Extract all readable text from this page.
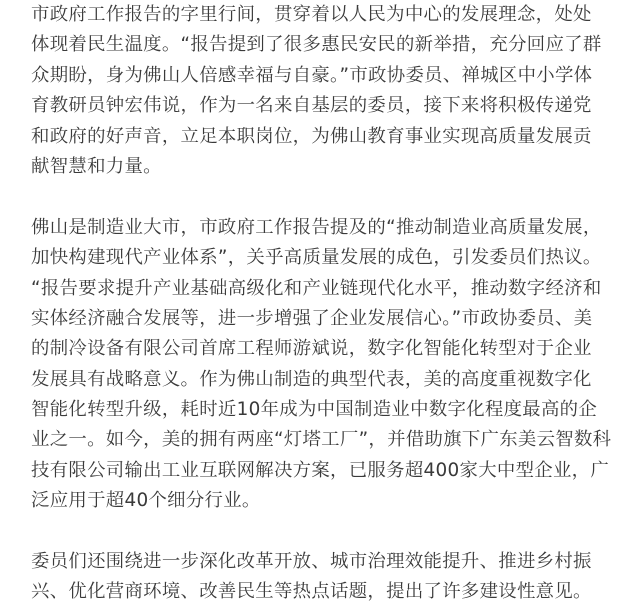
市政府工作报告的字里行间，贯穿着以人民为中心的发展理念，处处
体现着民生温度。“报告提到了很多惠民安民的新举措，充分回应了群
众期盼，身为佛山人倍感幸福与自豪。”市政协委员、禅城区中小学体
育教研员钟宏伟说，作为一名来自基层的委员，接下来将积极传递党
和政府的好声音，立足本职岗位，为佛山教育事业实现高质量发展贡
献智慧和力量。
佛山是制造业大市，市政府工作报告提及的“推动制造业高质量发展，
加快构建现代产业体系”，关乎高质量发展的成色，引发委员们热议。
“报告要求提升产业基础高级化和产业链现代化水平，推动数字经济和
实体经济融合发展等，进一步增强了企业发展信心。”市政协委员、美
的制冷设备有限公司首席工程师游斌说，数字化智能化转型对于企业
发展具有战略意义。作为佛山制造的典型代表，美的高度重视数字化
智能化转型升级，耗时近10年成为中国制造业中数字化程度最高的企
业之一。如今，美的拥有两座“灯塔工厂”，并借助旗下广东美云智数科
技有限公司输出工业互联网解决方案，已服务超400家大中型企业，广
泛应用于超40个细分行业。
委员们还围绕进一步深化改革开放、城市治理效能提升、推进乡村振
兴、优化营商环境、改善民生等热点话题，提出了许多建设性意见。
